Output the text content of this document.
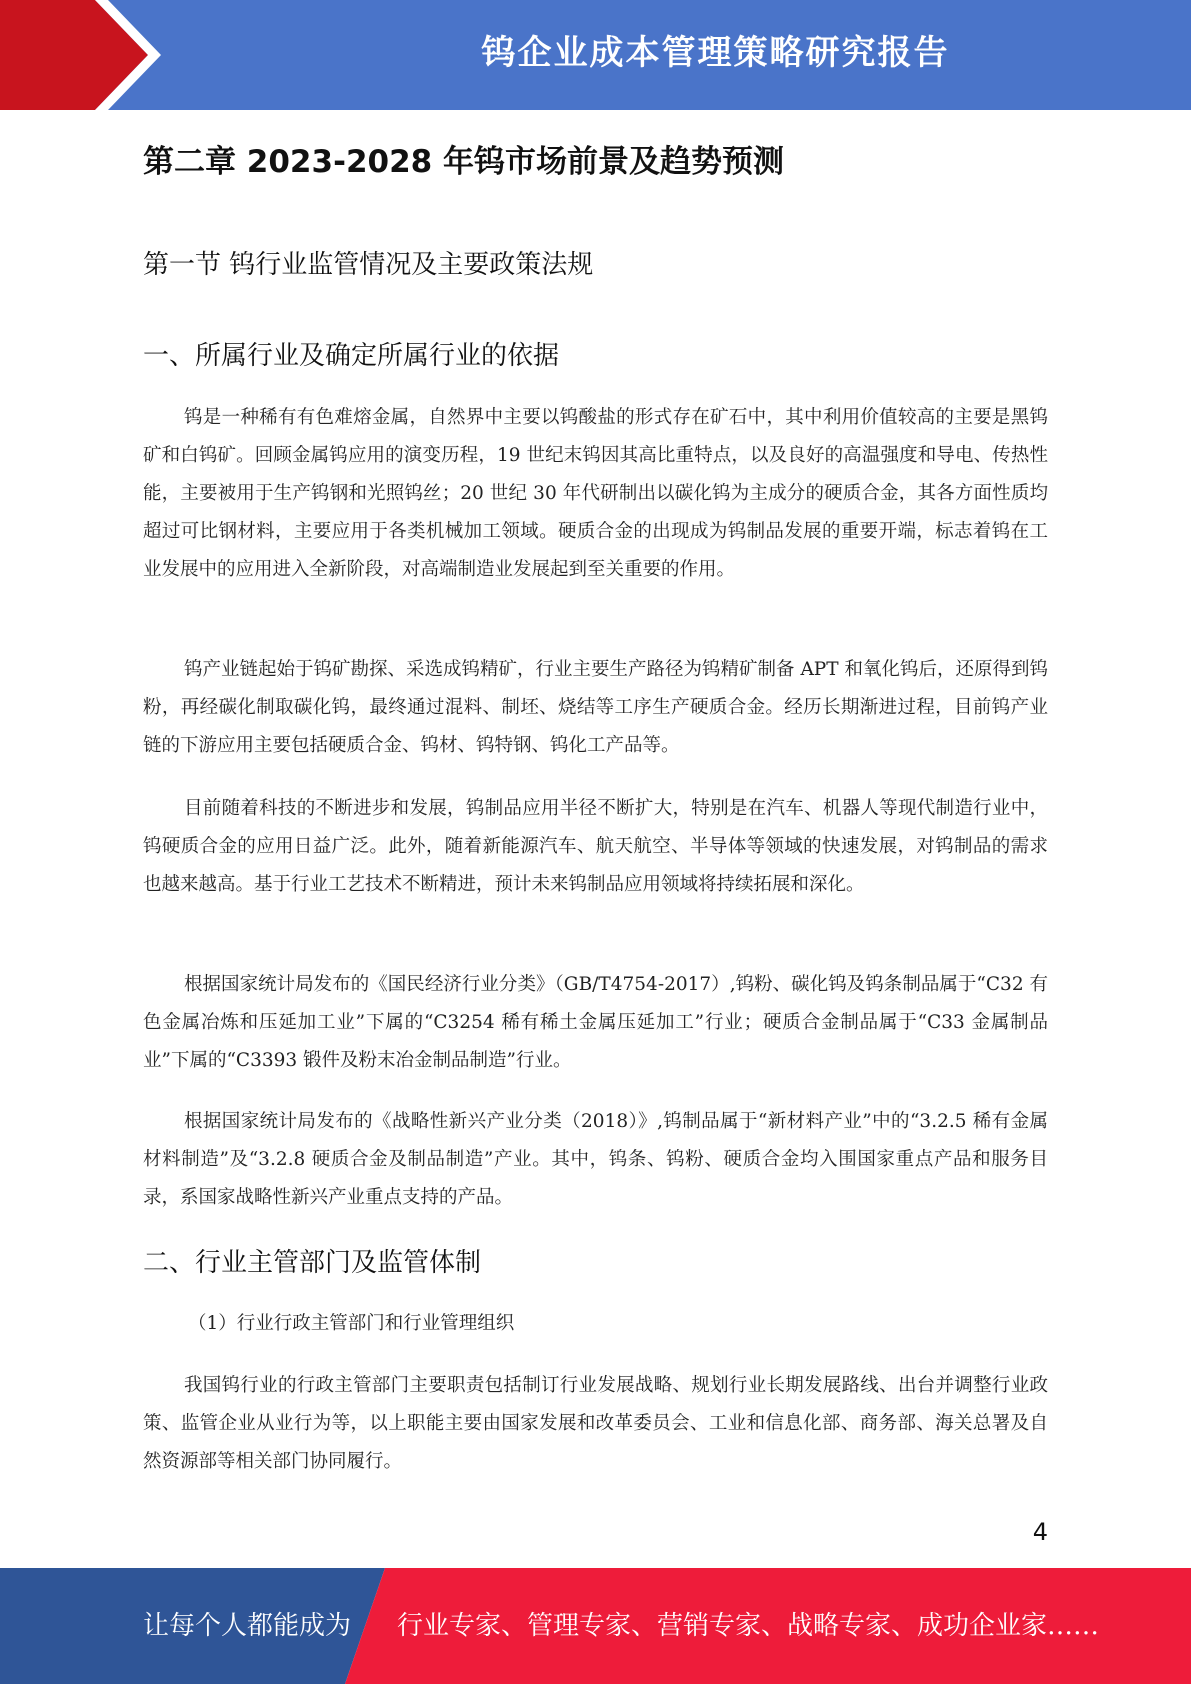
钨企业成本管理策略研究报告
第二章 2023-2028 年钨市场前景及趋势预测
第一节 钨行业监管情况及主要政策法规
一、所属行业及确定所属行业的依据

钨是一种稀有有色难熔金属，自然界中主要以钨酸盐的形式存在矿石中，其中利用价值较高的主要是黑钨矿和白钨矿。回顾金属钨应用的演变历程，19 世纪末钨因其高比重特点，以及良好的高温强度和导电、传热性能，主要被用于生产钨钢和光照钨丝；20 世纪 30 年代研制出以碳化钨为主成分的硬质合金，其各方面性质均超过可比钢材料，主要应用于各类机械加工领域。硬质合金的出现成为钨制品发展的重要开端，标志着钨在工业发展中的应用进入全新阶段，对高端制造业发展起到至关重要的作用。

钨产业链起始于钨矿勘探、采选成钨精矿，行业主要生产路径为钨精矿制备 APT 和氧化钨后，还原得到钨粉，再经碳化制取碳化钨，最终通过混料、制坯、烧结等工序生产硬质合金。经历长期渐进过程，目前钨产业链的下游应用主要包括硬质合金、钨材、钨特钢、钨化工产品等。

目前随着科技的不断进步和发展，钨制品应用半径不断扩大，特别是在汽车、机器人等现代制造行业中，钨硬质合金的应用日益广泛。此外，随着新能源汽车、航天航空、半导体等领域的快速发展，对钨制品的需求也越来越高。基于行业工艺技术不断精进，预计未来钨制品应用领域将持续拓展和深化。

根据国家统计局发布的《国民经济行业分类》（GB/T4754-2017）,钨粉、碳化钨及钨条制品属于“C32 有色金属冶炼和压延加工业”下属的“C3254 稀有稀土金属压延加工”行业；硬质合金制品属于“C33 金属制品业”下属的“C3393 锻件及粉末冶金制品制造”行业。

根据国家统计局发布的《战略性新兴产业分类（2018）》,钨制品属于“新材料产业”中的“3.2.5 稀有金属材料制造”及“3.2.8 硬质合金及制品制造”产业。其中，钨条、钨粉、硬质合金均入围国家重点产品和服务目录，系国家战略性新兴产业重点支持的产品。

二、行业主管部门及监管体制

（1）行业行政主管部门和行业管理组织

我国钨行业的行政主管部门主要职责包括制订行业发展战略、规划行业长期发展路线、出台并调整行业政策、监管企业从业行为等，以上职能主要由国家发展和改革委员会、工业和信息化部、商务部、海关总署及自然资源部等相关部门协同履行。

4
让每个人都能成为 行业专家、管理专家、营销专家、战略专家、成功企业家……
